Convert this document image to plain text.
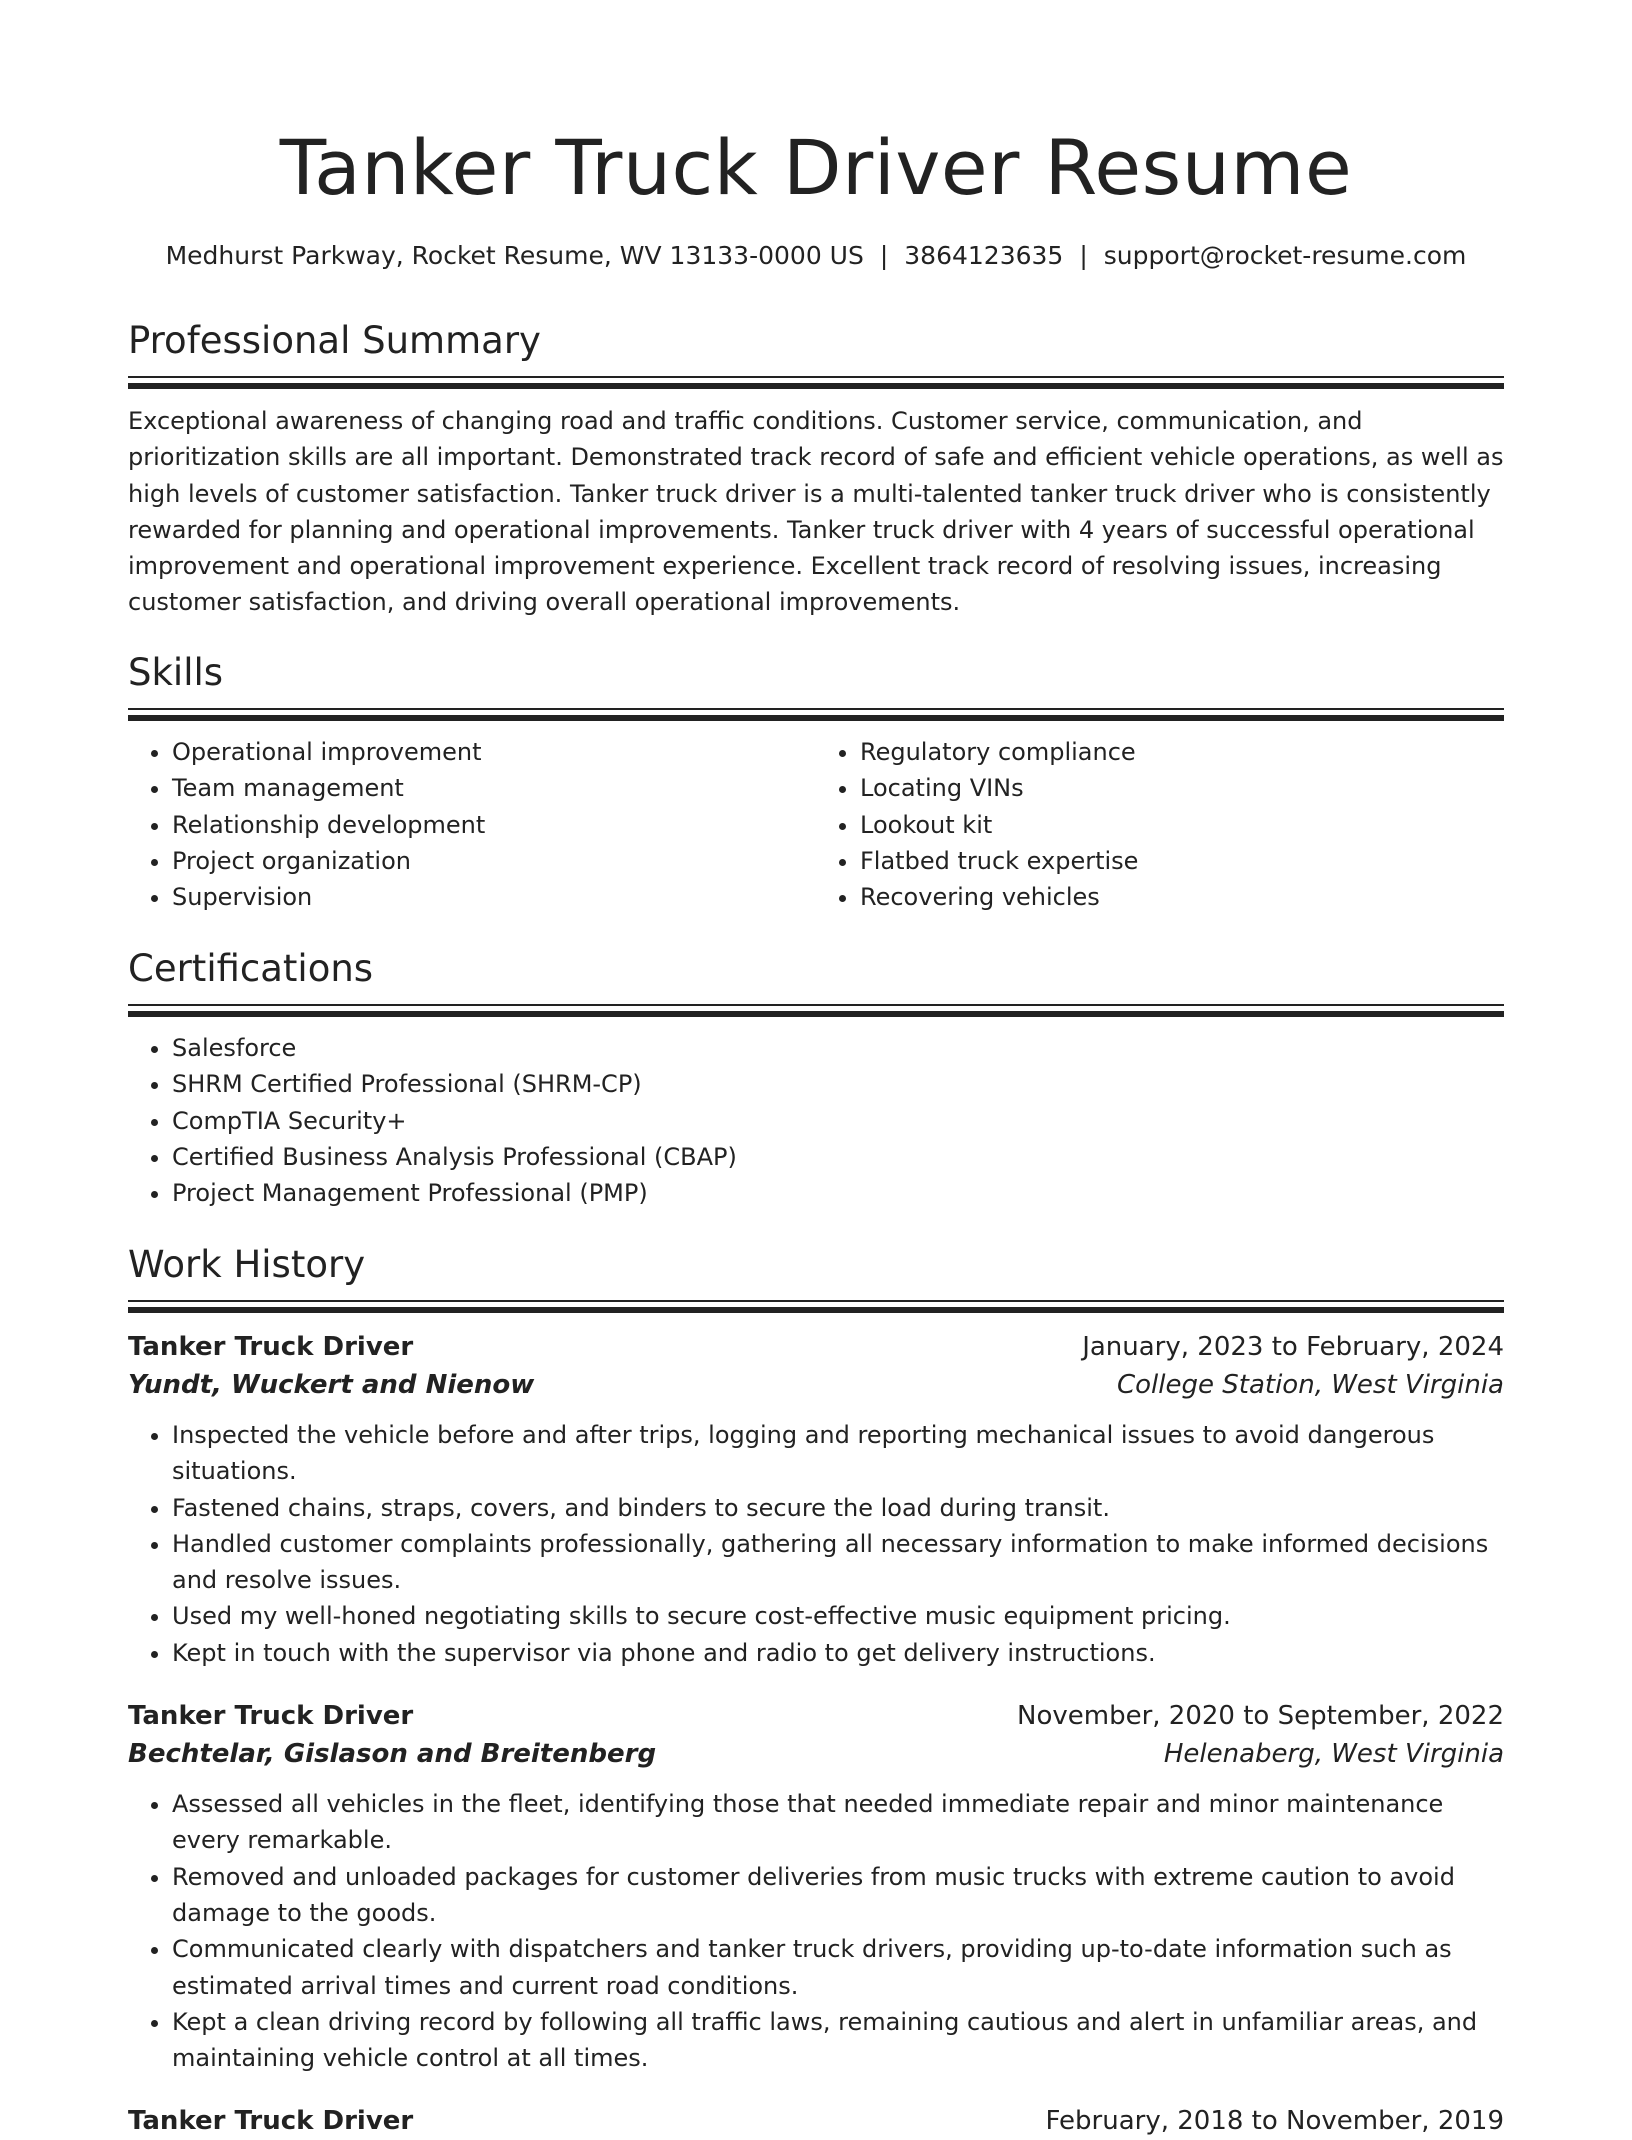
Tanker Truck Driver Resume
Medhurst Parkway, Rocket Resume, WV 13133-0000 US | 3864123635 | support@rocket-resume.com
Professional Summary

Exceptional awareness of changing road and traffic conditions. Customer service, communication, and prioritization skills are all important. Demonstrated track record of safe and efficient vehicle operations, as well as high levels of customer satisfaction. Tanker truck driver is a multi-talented tanker truck driver who is consistently rewarded for planning and operational improvements. Tanker truck driver with 4 years of successful operational improvement and operational improvement experience. Excellent track record of resolving issues, increasing customer satisfaction, and driving overall operational improvements.

Skills
• Operational improvement
• Team management
• Relationship development
• Project organization
• Supervision
• Regulatory compliance
• Locating VINs
• Lookout kit
• Flatbed truck expertise
• Recovering vehicles
Certifications
• Salesforce
• SHRM Certified Professional (SHRM-CP)
• CompTIA Security+
• Certified Business Analysis Professional (CBAP)
• Project Management Professional (PMP)
Work History
Tanker Truck Driver	January, 2023 to February, 2024
Yundt, Wuckert and Nienow	College Station, West Virginia
• Inspected the vehicle before and after trips, logging and reporting mechanical issues to avoid dangerous situations.
• Fastened chains, straps, covers, and binders to secure the load during transit.
• Handled customer complaints professionally, gathering all necessary information to make informed decisions and resolve issues.
• Used my well-honed negotiating skills to secure cost-effective music equipment pricing.
• Kept in touch with the supervisor via phone and radio to get delivery instructions.
Tanker Truck Driver	November, 2020 to September, 2022
Bechtelar, Gislason and Breitenberg	Helenaberg, West Virginia
• Assessed all vehicles in the fleet, identifying those that needed immediate repair and minor maintenance every remarkable.
• Removed and unloaded packages for customer deliveries from music trucks with extreme caution to avoid damage to the goods.
• Communicated clearly with dispatchers and tanker truck drivers, providing up-to-date information such as estimated arrival times and current road conditions.
• Kept a clean driving record by following all traffic laws, remaining cautious and alert in unfamiliar areas, and maintaining vehicle control at all times.
Tanker Truck Driver	February, 2018 to November, 2019
